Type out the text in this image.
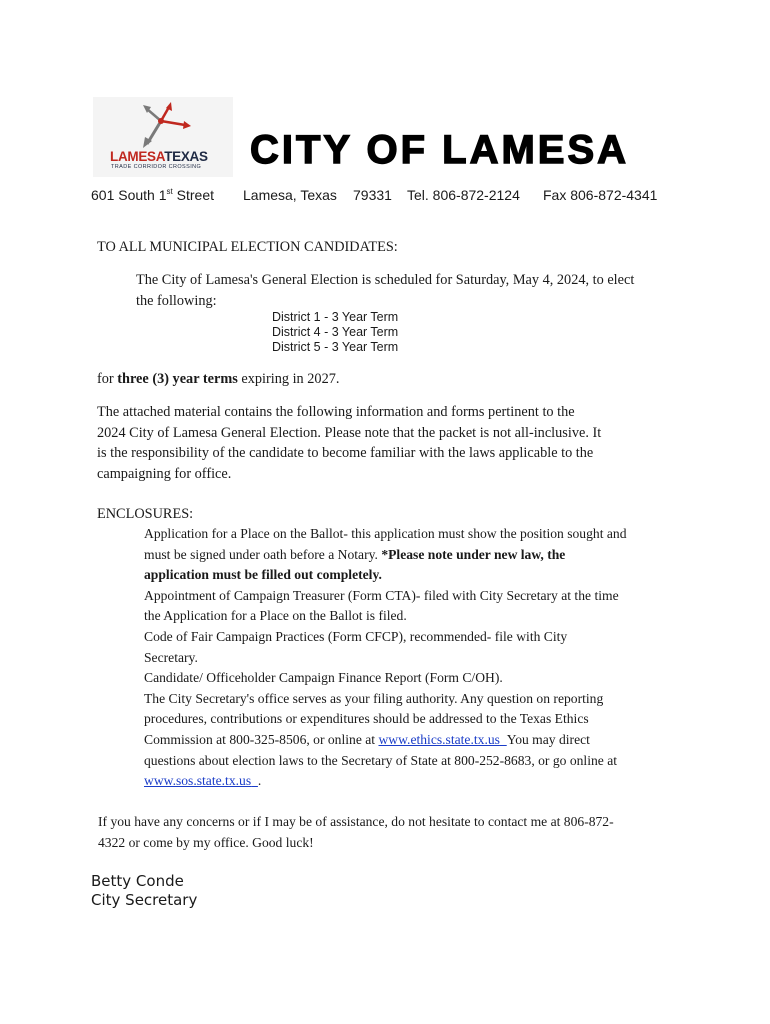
LAMESATEXAS
TRADE CORRIDOR CROSSING CITY OF LAMESA
601 South 1st Street Lamesa, Texas 79331 Tel. 806-872-2124 Fax 806-872-4341
TO ALL MUNICIPAL ELECTION CANDIDATES:
The City of Lamesa's General Election is scheduled for Saturday, May 4, 2024, to elect
the following:
District 1 - 3 Year Term
District 4 - 3 Year Term
District 5 - 3 Year Term
for three (3) year terms expiring in 2027.
The attached material contains the following information and forms pertinent to the
2024 City of Lamesa General Election. Please note that the packet is not all-inclusive. It
is the responsibility of the candidate to become familiar with the laws applicable to the
campaigning for office.
ENCLOSURES:
Application for a Place on the Ballot- this application must show the position sought and
must be signed under oath before a Notary. *Please note under new law, the
application must be filled out completely.
Appointment of Campaign Treasurer (Form CTA)- filed with City Secretary at the time
the Application for a Place on the Ballot is filed.
Code of Fair Campaign Practices (Form CFCP), recommended- file with City
Secretary.
Candidate/ Officeholder Campaign Finance Report (Form C/OH).
The City Secretary's office serves as your filing authority. Any question on reporting
procedures, contributions or expenditures should be addressed to the Texas Ethics
Commission at 800-325-8506, or online at www.ethics.state.tx.us You may direct
questions about election laws to the Secretary of State at 800-252-8683, or go online at
www.sos.state.tx.us .
If you have any concerns or if I may be of assistance, do not hesitate to contact me at 806-872-
4322 or come by my office. Good luck!
Betty Conde
City Secretary
